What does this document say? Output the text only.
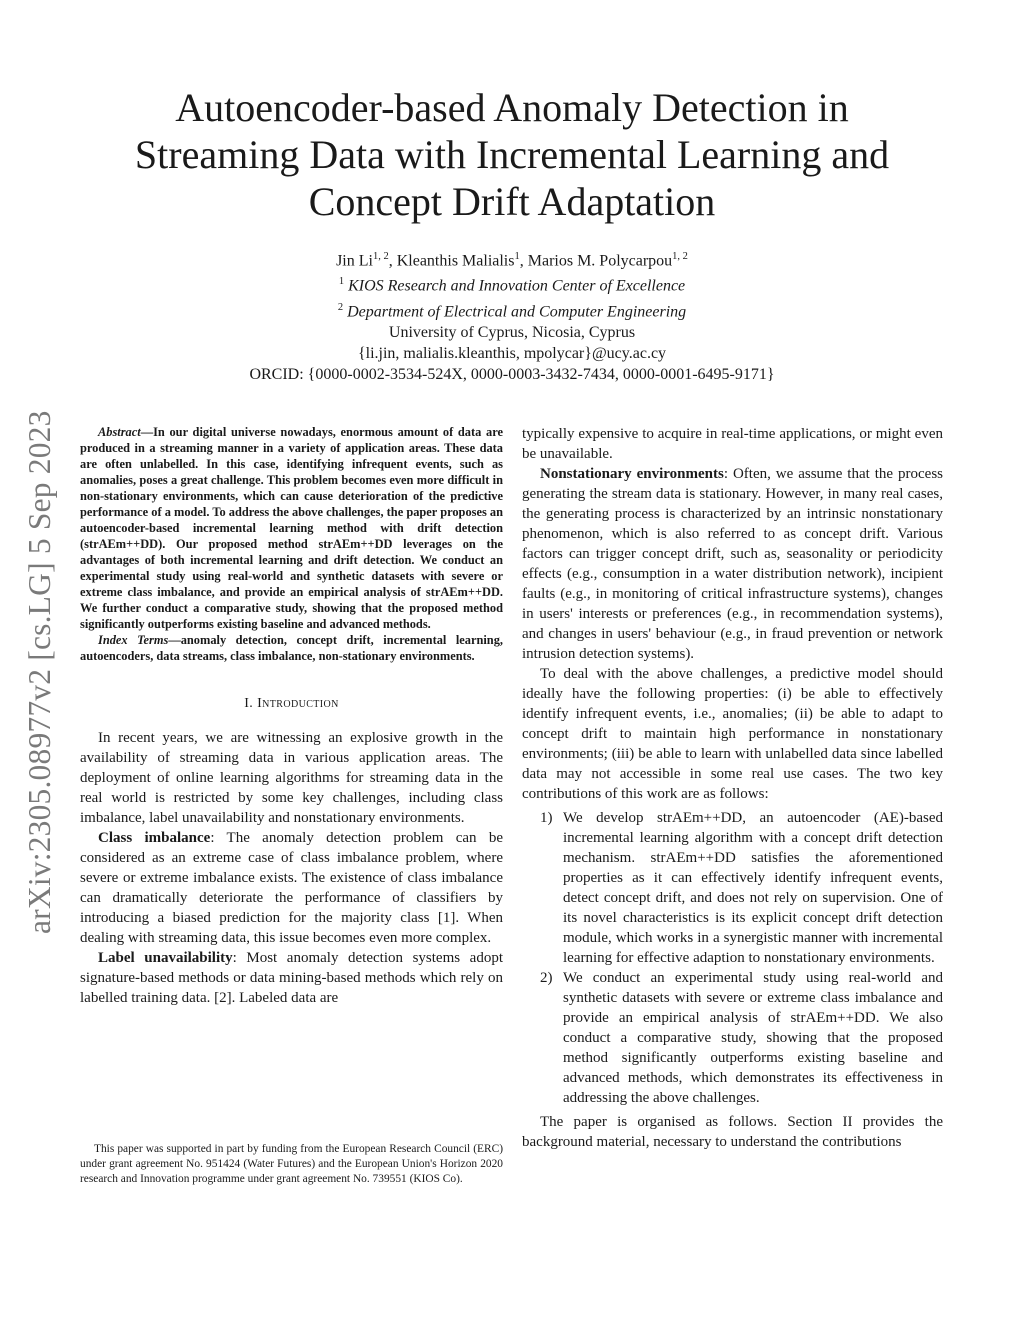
arXiv:2305.08977v2 [cs.LG] 5 Sep 2023
Autoencoder-based Anomaly Detection in
Streaming Data with Incremental Learning and
Concept Drift Adaptation
Jin Li$^{1, 2}$, Kleanthis Malialis$^1$, Marios M. Polycarpou$^{1, 2}$
$^1$ KIOS Research and Innovation Center of Excellence
$^2$ Department of Electrical and Computer Engineering
University of Cyprus, Nicosia, Cyprus
{li.jin, malialis.kleanthis, mpolycar}@ucy.ac.cy
ORCID: {0000-0002-3534-524X, 0000-0003-3432-7434, 0000-0001-6495-9171}

Abstract—In our digital universe nowadays, enormous amount of data are produced in a streaming manner in a variety of application areas. These data are often unlabelled. In this case, identifying infrequent events, such as anomalies, poses a great challenge. This problem becomes even more difficult in non-stationary environments, which can cause deterioration of the predictive performance of a model. To address the above challenges, the paper proposes an autoencoder-based incremental learning method with drift detection (strAEm++DD). Our proposed method strAEm++DD leverages on the advantages of both incremental learning and drift detection. We conduct an experimental study using real-world and synthetic datasets with severe or extreme class imbalance, and provide an empirical analysis of strAEm++DD. We further conduct a comparative study, showing that the proposed method significantly outperforms existing baseline and advanced methods.

Index Terms—anomaly detection, concept drift, incremental learning, autoencoders, data streams, class imbalance, non-stationary environments.

I. Introduction

In recent years, we are witnessing an explosive growth in the availability of streaming data in various application areas. The deployment of online learning algorithms for streaming data in the real world is restricted by some key challenges, including class imbalance, label unavailability and nonstationary environments.

Class imbalance: The anomaly detection problem can be considered as an extreme case of class imbalance problem, where severe or extreme imbalance exists. The existence of class imbalance can dramatically deteriorate the performance of classifiers by introducing a biased prediction for the majority class [1]. When dealing with streaming data, this issue becomes even more complex.

Label unavailability: Most anomaly detection systems adopt signature-based methods or data mining-based methods which rely on labelled training data. [2]. Labeled data are

This paper was supported in part by funding from the European Research Council (ERC) under grant agreement No. 951424 (Water Futures) and the European Union's Horizon 2020 research and Innovation programme under grant agreement No. 739551 (KIOS Co).

typically expensive to acquire in real-time applications, or might even be unavailable.

Nonstationary environments: Often, we assume that the process generating the stream data is stationary. However, in many real cases, the generating process is characterized by an intrinsic nonstationary phenomenon, which is also referred to as concept drift. Various factors can trigger concept drift, such as, seasonality or periodicity effects (e.g., consumption in a water distribution network), incipient faults (e.g., in monitoring of critical infrastructure systems), changes in users' interests or preferences (e.g., in recommendation systems), and changes in users' behaviour (e.g., in fraud prevention or network intrusion detection systems).

To deal with the above challenges, a predictive model should ideally have the following properties: (i) be able to effectively identify infrequent events, i.e., anomalies; (ii) be able to adapt to concept drift to maintain high performance in nonstationary environments; (iii) be able to learn with unlabelled data since labelled data may not accessible in some real use cases. The two key contributions of this work are as follows:

1) We develop strAEm++DD, an autoencoder (AE)-based incremental learning algorithm with a concept drift detection mechanism. strAEm++DD satisfies the aforementioned properties as it can effectively identify infrequent events, detect concept drift, and does not rely on supervision. One of its novel characteristics is its explicit concept drift detection module, which works in a synergistic manner with incremental learning for effective adaption to nonstationary environments.
2) We conduct an experimental study using real-world and synthetic datasets with severe or extreme class imbalance and provide an empirical analysis of strAEm++DD. We also conduct a comparative study, showing that the proposed method significantly outperforms existing baseline and advanced methods, which demonstrates its effectiveness in addressing the above challenges.

The paper is organised as follows. Section II provides the background material, necessary to understand the contributions
